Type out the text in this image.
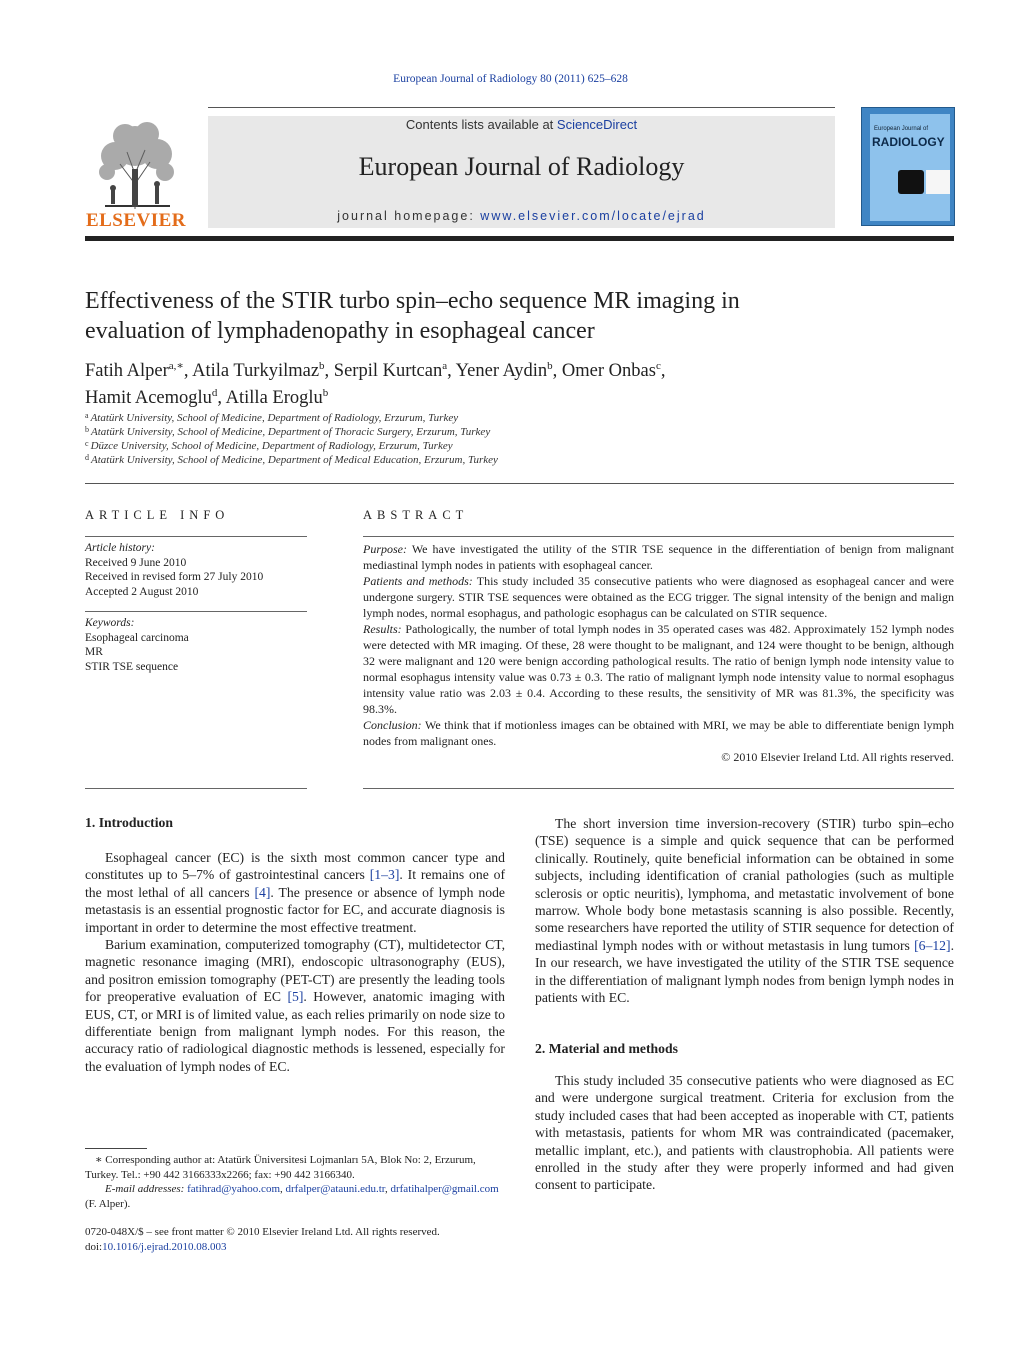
European Journal of Radiology 80 (2011) 625–628
ELSEVIER
Contents lists available at ScienceDirect
European Journal of Radiology
journal homepage: www.elsevier.com/locate/ejrad
European Journal of
RADIOLOGY
Effectiveness of the STIR turbo spin–echo sequence MR imaging in
evaluation of lymphadenopathy in esophageal cancer
Fatih Alper$^{a,∗}$, Atila Turkyilmaz$^b$, Serpil Kurtcan$^a$, Yener Aydin$^b$, Omer Onbas$^c$,
Hamit Acemoglu$^d$, Atilla Eroglu$^b$
$^a$ Atatürk University, School of Medicine, Department of Radiology, Erzurum, Turkey
$^b$ Atatürk University, School of Medicine, Department of Thoracic Surgery, Erzurum, Turkey
$^c$ Düzce University, School of Medicine, Department of Radiology, Erzurum, Turkey
$^d$ Atatürk University, School of Medicine, Department of Medical Education, Erzurum, Turkey
ARTICLE INFO
Article history:
Received 9 June 2010
Received in revised form 27 July 2010
Accepted 2 August 2010
Keywords:
Esophageal carcinoma
MR
STIR TSE sequence
ABSTRACT

Purpose: We have investigated the utility of the STIR TSE sequence in the differentiation of benign from malignant mediastinal lymph nodes in patients with esophageal cancer.

Patients and methods: This study included 35 consecutive patients who were diagnosed as esophageal cancer and were undergone surgery. STIR TSE sequences were obtained as the ECG trigger. The signal intensity of the benign and malign lymph nodes, normal esophagus, and pathologic esophagus can be calculated on STIR sequence.

Results: Pathologically, the number of total lymph nodes in 35 operated cases was 482. Approximately 152 lymph nodes were detected with MR imaging. Of these, 28 were thought to be malignant, and 124 were thought to be benign, although 32 were malignant and 120 were benign according pathological results. The ratio of benign lymph node intensity value to normal esophagus intensity value was 0.73 ± 0.3. The ratio of malignant lymph node intensity value to normal esophagus intensity value ratio was 2.03 ± 0.4. According to these results, the sensitivity of MR was 81.3%, the specificity was 98.3%.

Conclusion: We think that if motionless images can be obtained with MRI, we may be able to differentiate benign lymph nodes from malignant ones.

© 2010 Elsevier Ireland Ltd. All rights reserved.

1. Introduction

Esophageal cancer (EC) is the sixth most common cancer type and constitutes up to 5–7% of gastrointestinal cancers [1–3]. It remains one of the most lethal of all cancers [4]. The presence or absence of lymph node metastasis is an essential prognostic factor for EC, and accurate diagnosis is important in order to determine the most effective treatment.

Barium examination, computerized tomography (CT), multidetector CT, magnetic resonance imaging (MRI), endoscopic ultrasonography (EUS), and positron emission tomography (PET-CT) are presently the leading tools for preoperative evaluation of EC [5]. However, anatomic imaging with EUS, CT, or MRI is of limited value, as each relies primarily on node size to differentiate benign from malignant lymph nodes. For this reason, the accuracy ratio of radiological diagnostic methods is lessened, especially for the evaluation of lymph nodes of EC.

The short inversion time inversion-recovery (STIR) turbo spin–echo (TSE) sequence is a simple and quick sequence that can be performed clinically. Routinely, quite beneficial information can be obtained in some subjects, including identification of cranial pathologies (such as multiple sclerosis or optic neuritis), lymphoma, and metastatic involvement of bone marrow. Whole body bone metastasis scanning is also possible. Recently, some researchers have reported the utility of STIR sequence for detection of mediastinal lymph nodes with or without metastasis in lung tumors [6–12]. In our research, we have investigated the utility of the STIR TSE sequence in the differentiation of malignant lymph nodes from benign lymph nodes in patients with EC.

2. Material and methods

This study included 35 consecutive patients who were diagnosed as EC and were undergone surgical treatment. Criteria for exclusion from the study included cases that had been accepted as inoperable with CT, patients with metastasis, patients for whom MR was contraindicated (pacemaker, metallic implant, etc.), and patients with claustrophobia. All patients were enrolled in the study after they were properly informed and had given consent to participate.

∗ Corresponding author at: Atatürk Üniversitesi Lojmanları 5A, Blok No: 2, Erzurum, Turkey. Tel.: +90 442 3166333x2266; fax: +90 442 3166340.
E-mail addresses: fatihrad@yahoo.com, drfalper@atauni.edu.tr, drfatihalper@gmail.com (F. Alper).
0720-048X/$ – see front matter © 2010 Elsevier Ireland Ltd. All rights reserved.
doi:10.1016/j.ejrad.2010.08.003
